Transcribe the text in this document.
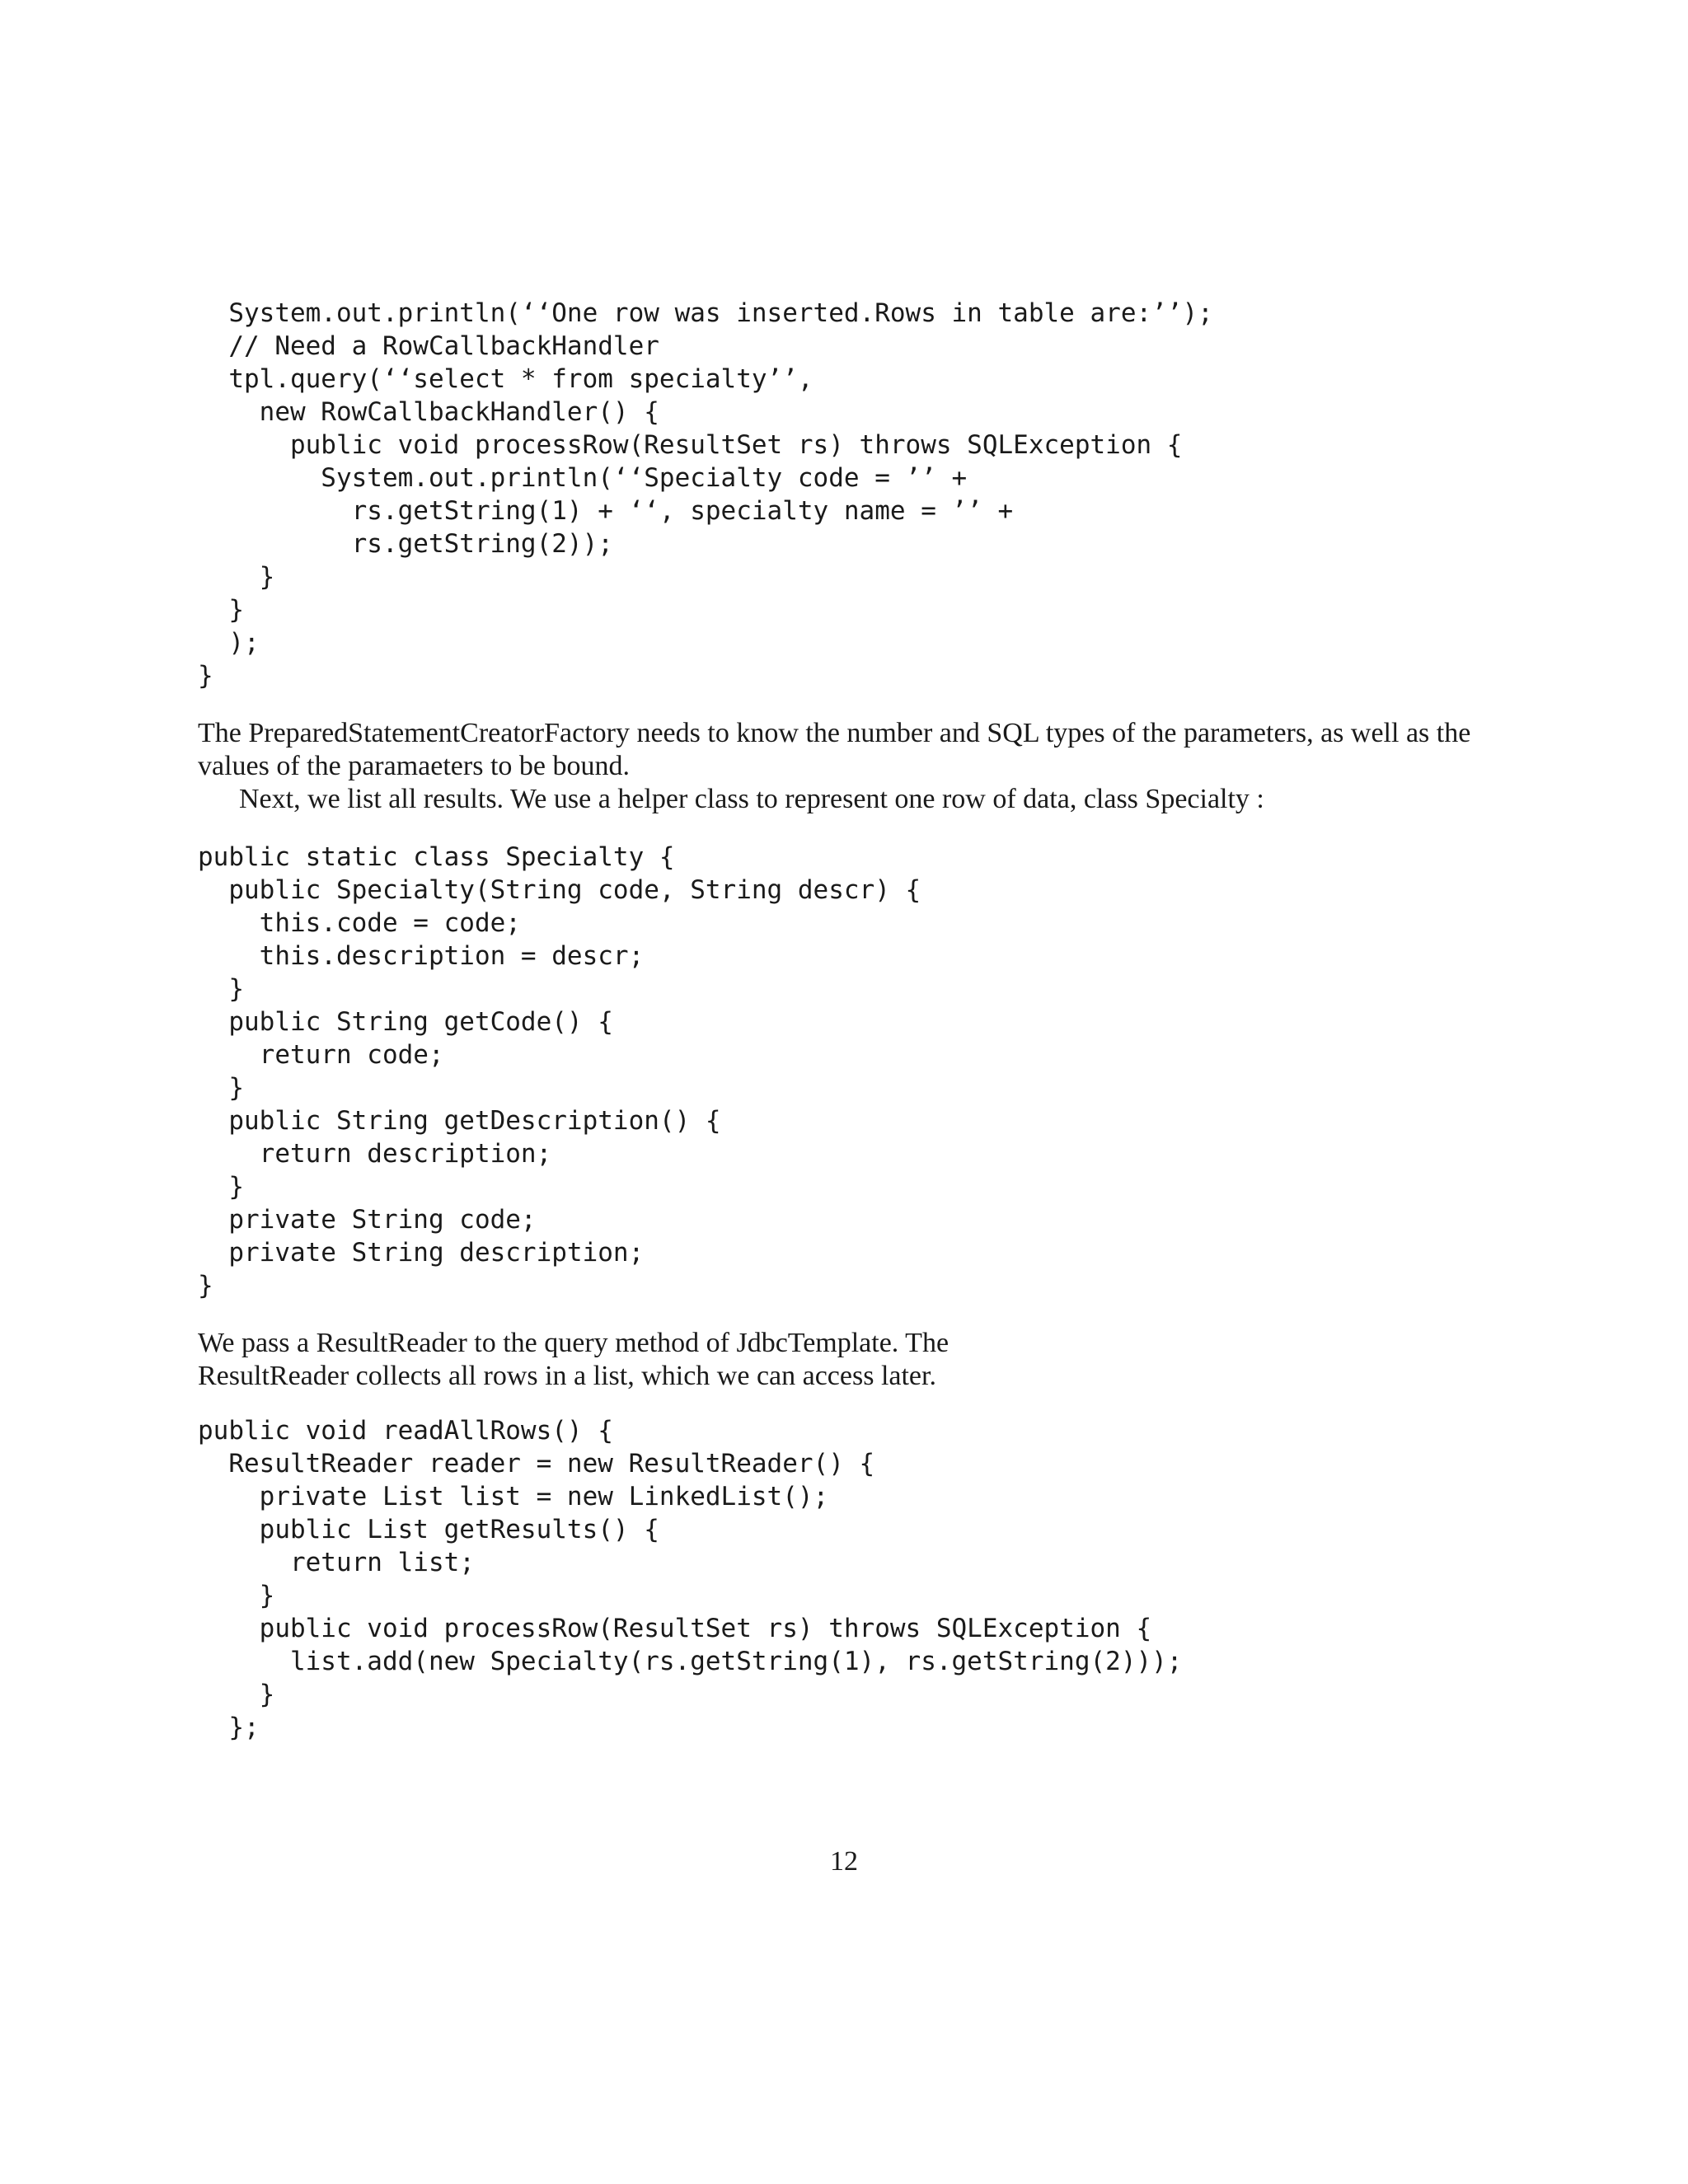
System.out.println(‘‘One row was inserted.Rows in table are:’’);
// Need a RowCallbackHandler
tpl.query(‘‘select * from specialty’’,
new RowCallbackHandler() {
public void processRow(ResultSet rs) throws SQLException {
System.out.println(‘‘Specialty code = ’’ +
rs.getString(1) + ‘‘, specialty name = ’’ +
rs.getString(2));
}
}
);
}
The PreparedStatementCreatorFactory needs to know the number and SQL types of the parameters, as well as the values of the paramaeters to be bound.
Next, we list all results. We use a helper class to represent one row of data, class Specialty :
public static class Specialty {
public Specialty(String code, String descr) {
this.code = code;
this.description = descr;
}
public String getCode() {
return code;
}
public String getDescription() {
return description;
}
private String code;
private String description;
}
We pass a ResultReader to the query method of JdbcTemplate. The
ResultReader collects all rows in a list, which we can access later.
public void readAllRows() {
ResultReader reader = new ResultReader() {
private List list = new LinkedList();
public List getResults() {
return list;
}
public void processRow(ResultSet rs) throws SQLException {
list.add(new Specialty(rs.getString(1), rs.getString(2)));
}
};
12
